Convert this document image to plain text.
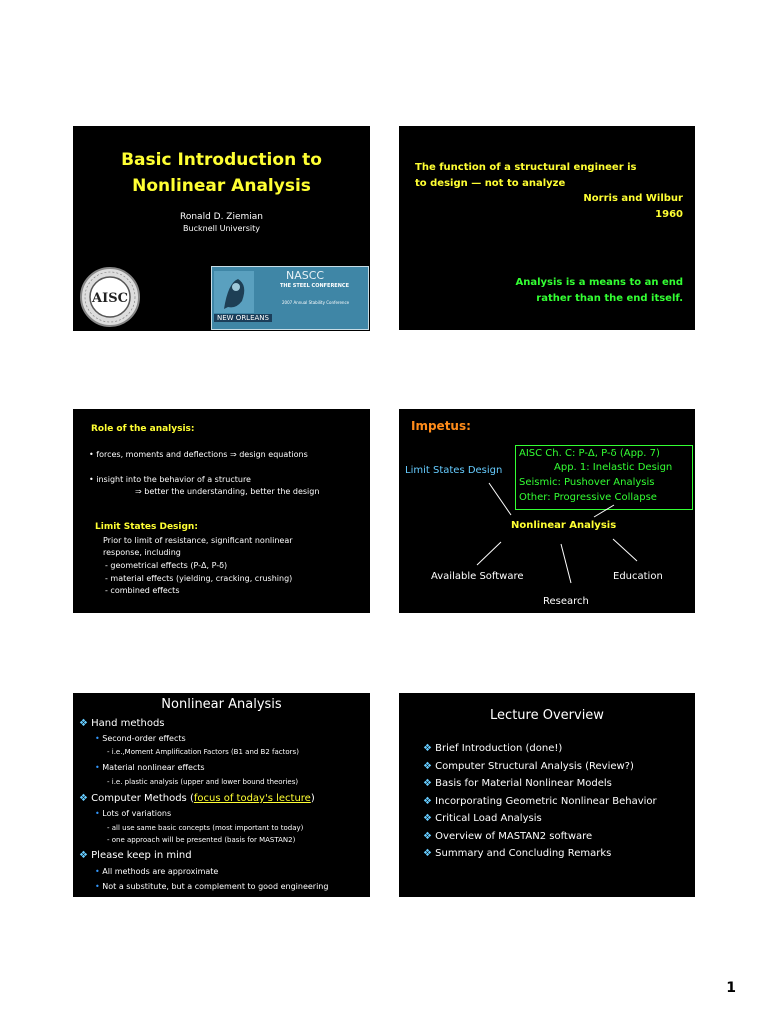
Basic Introduction to
Nonlinear Analysis
Ronald D. Ziemian
Bucknell University
AISC
NASCC
THE STEEL CONFERENCE
2007 Annual Stability Conference
NEW ORLEANS
The function of a structural engineer is
to design — not to analyze
Norris and Wilbur
1960
Analysis is a means to an end
rather than the end itself.
Role of the analysis:
• forces, moments and deflections ⇒ design equations
• insight into the behavior of a structure
⇒ better the understanding, better the design
Limit States Design:
Prior to limit of resistance, significant nonlinear
response, including
- geometrical effects (P-Δ, P-δ)
- material effects (yielding, cracking, crushing)
- combined effects
Impetus:
AISC Ch. C: P-Δ, P-δ (App. 7)
App. 1: Inelastic Design
Seismic: Pushover Analysis
Other: Progressive Collapse
Limit States Design
Nonlinear Analysis
Available Software	Education
Research
Nonlinear Analysis
❖ Hand methods
• Second-order effects
- i.e.,Moment Amplification Factors (B1 and B2 factors)
• Material nonlinear effects
- i.e. plastic analysis (upper and lower bound theories)
❖ Computer Methods (focus of today's lecture)
• Lots of variations
- all use same basic concepts (most important to today)
- one approach will be presented (basis for MASTAN2)
❖ Please keep in mind
• All methods are approximate
• Not a substitute, but a complement to good engineering
Lecture Overview
❖ Brief Introduction (done!)
❖ Computer Structural Analysis (Review?)
❖ Basis for Material Nonlinear Models
❖ Incorporating Geometric Nonlinear Behavior
❖ Critical Load Analysis
❖ Overview of MASTAN2 software
❖ Summary and Concluding Remarks
1
